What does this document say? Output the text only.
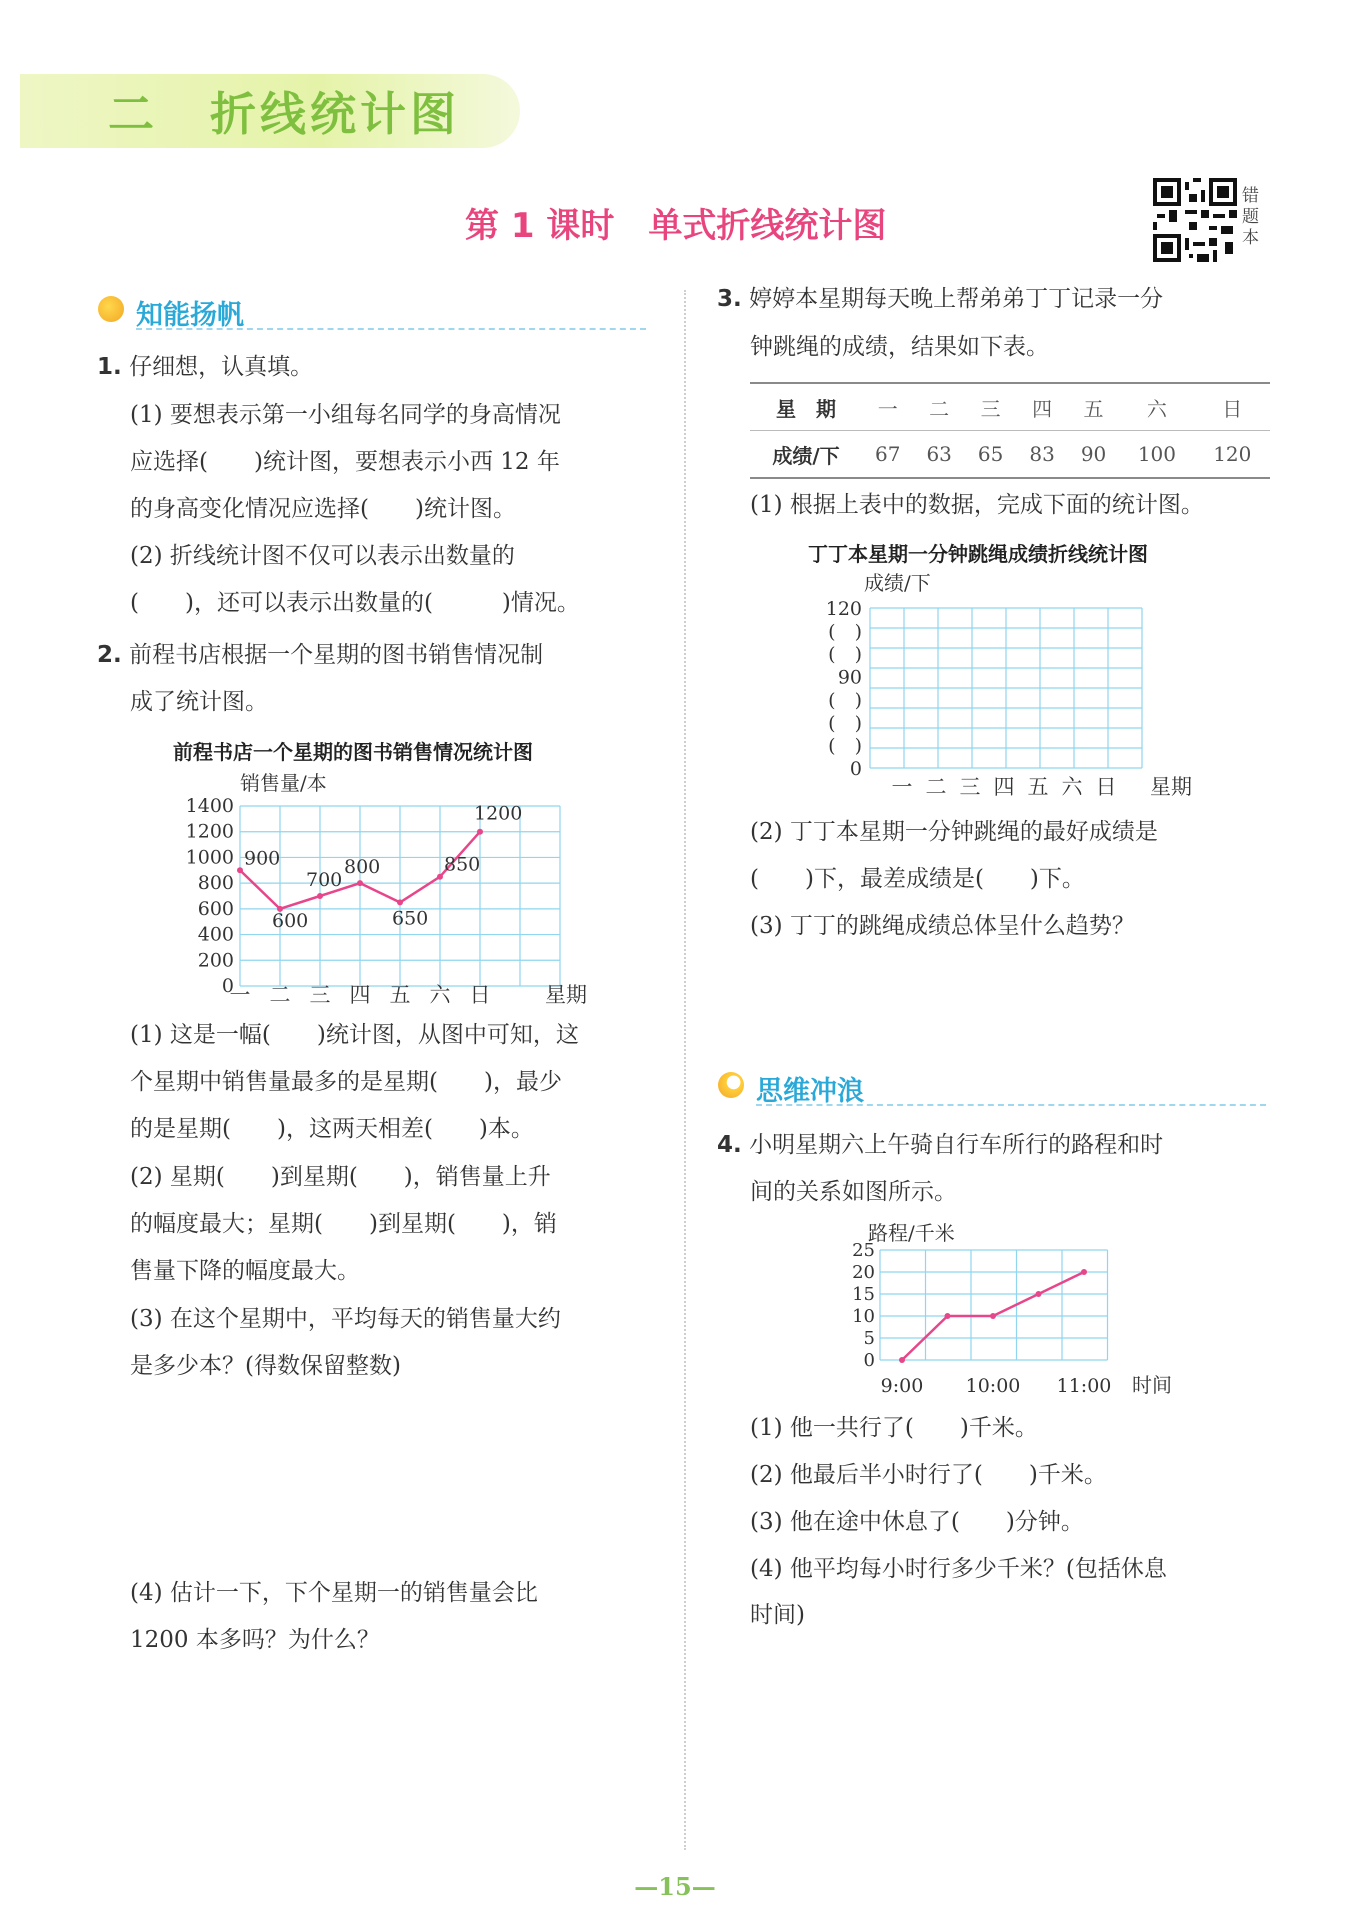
二 折线统计图
第 1 课时　单式折线统计图
错题本
知能扬帆
1. 仔细想，认真填。
(1) 要想表示第一小组每名同学的身高情况
应选择(　　)统计图，要想表示小西 12 年
的身高变化情况应选择(　　)统计图。
(2) 折线统计图不仅可以表示出数量的
(　　)，还可以表示出数量的(　　　)情况。
2. 前程书店根据一个星期的图书销售情况制
成了统计图。
前程书店一个星期的图书销售情况统计图
销售量/本
0
200
400
600
800
1000
1200
1400
一 二 三 四 五 六 日	星期
900
600
700
800
650
850
1200
(1) 这是一幅(　　)统计图，从图中可知，这
个星期中销售量最多的是星期(　　)，最少
的是星期(　　)，这两天相差(　　)本。
(2) 星期(　　)到星期(　　)，销售量上升
的幅度最大；星期(　　)到星期(　　)，销
售量下降的幅度最大。
(3) 在这个星期中，平均每天的销售量大约
是多少本？(得数保留整数)
(4) 估计一下，下个星期一的销售量会比
1200 本多吗？为什么？
3. 婷婷本星期每天晚上帮弟弟丁丁记录一分
钟跳绳的成绩，结果如下表。
星　期	一	二	三	四	五	六	日
成绩/下	67	63	65	83	90	100	120
(1) 根据上表中的数据，完成下面的统计图。
丁丁本星期一分钟跳绳成绩折线统计图
成绩/下
120
(　)
(　)
90
(　)
(　)
(　)
0
一 二 三 四 五 六 日 星期
(2) 丁丁本星期一分钟跳绳的最好成绩是
(　　)下，最差成绩是(　　)下。
(3) 丁丁的跳绳成绩总体呈什么趋势？
思维冲浪
4. 小明星期六上午骑自行车所行的路程和时
间的关系如图所示。
路程/千米
0
5
10
15
20
25
9:00 10:00 11:00 时间
(1) 他一共行了(　　)千米。
(2) 他最后半小时行了(　　)千米。
(3) 他在途中休息了(　　)分钟。
(4) 他平均每小时行多少千米？(包括休息
时间)
—15—
